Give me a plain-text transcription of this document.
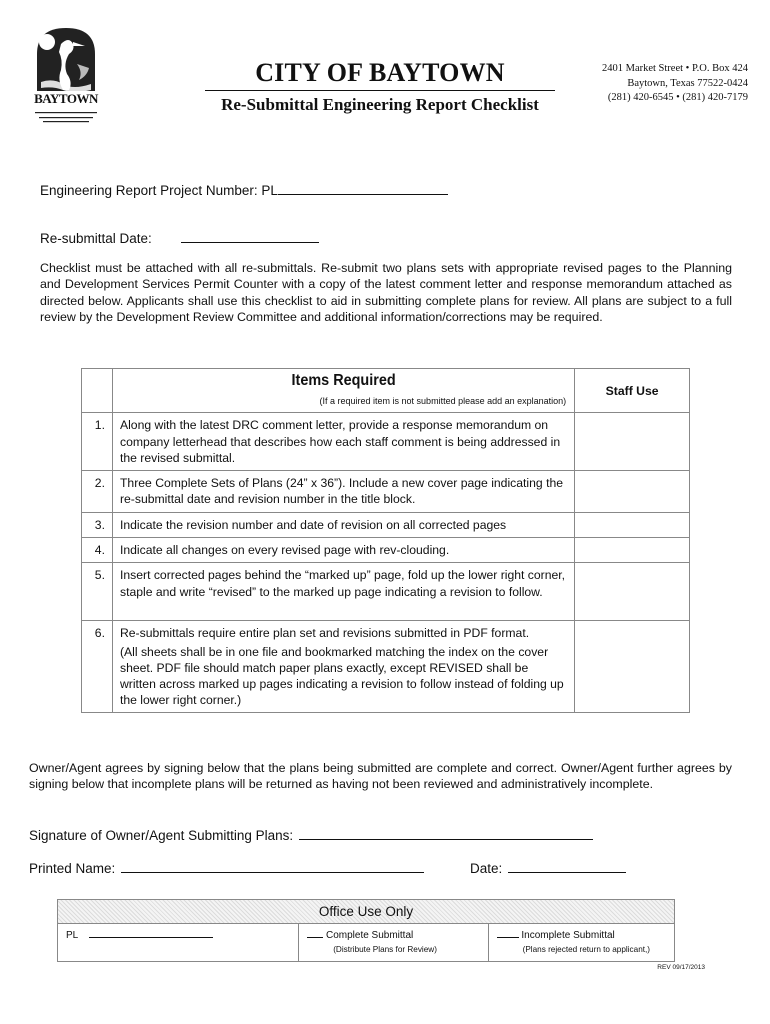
BAYTOWN
CITY OF BAYTOWN
Re-Submittal Engineering Report Checklist
2401 Market Street • P.O. Box 424
Baytown, Texas 77522-0424
(281) 420-6545 • (281) 420-7179
Engineering Report Project Number: PL
Re-submittal Date:
Checklist must be attached with all re-submittals. Re-submit two plans sets with appropriate revised pages to the Planning and Development Services Permit Counter with a copy of the latest comment letter and response memorandum attached as directed below. Applicants shall use this checklist to aid in submitting complete plans for review. All plans are subject to a full review by the Development Review Committee and additional information/corrections may be required.

	Items Required
(If a required item is not submitted please add an explanation)	Staff Use
1.	Along with the latest DRC comment letter, provide a response memorandum on company letterhead that describes how each staff comment is being addressed in the revised submittal.	
2.	Three Complete Sets of Plans (24” x 36”). Include a new cover page indicating the re-submittal date and revision number in the title block.	
3.	Indicate the revision number and date of revision on all corrected pages	
4.	Indicate all changes on every revised page with rev-clouding.	
5.	Insert corrected pages behind the “marked up” page, fold up the lower right corner, staple and write “revised” to the marked up page indicating a revision to follow.	
6.	Re-submittals require entire plan set and revisions submitted in PDF format.
(All sheets shall be in one file and bookmarked matching the index on the cover sheet. PDF file should match paper plans exactly, except REVISED shall be written across marked up pages indicating a revision to follow instead of folding up the lower right corner.)	

Owner/Agent agrees by signing below that the plans being submitted are complete and correct. Owner/Agent further agrees by signing below that incomplete plans will be returned as having not been reviewed and administratively incomplete.
Signature of Owner/Agent Submitting Plans:
Printed Name:	Date:
Office Use Only
PL	Complete Submittal
(Distribute Plans for Review)
Incomplete Submittal
(Plans rejected return to applicant,)
REV 09/17/2013
